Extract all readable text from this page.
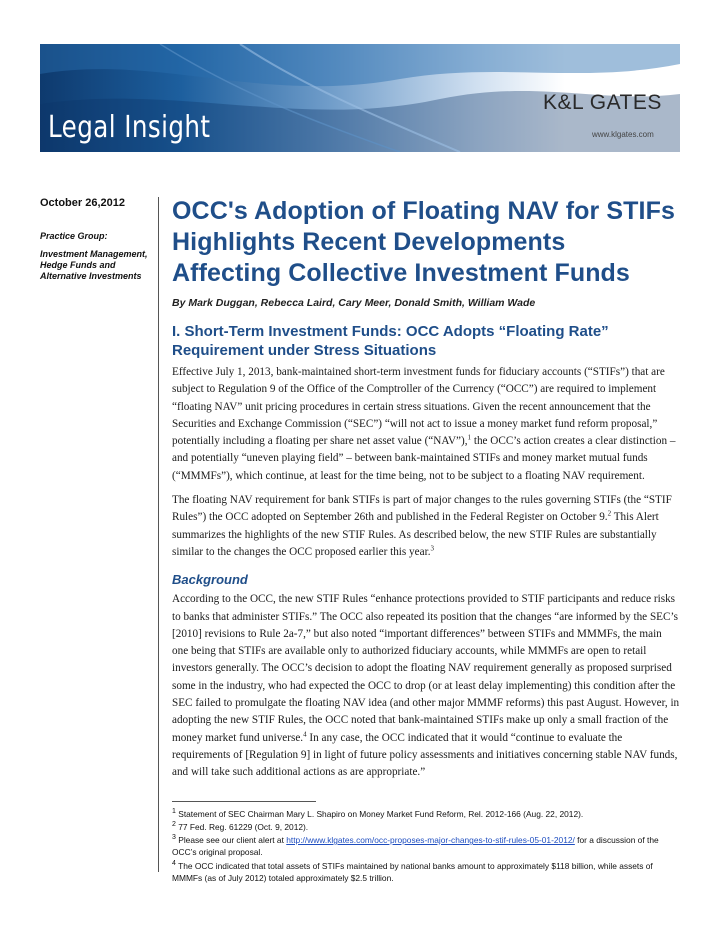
Legal Insight
K&L GATES
www.klgates.com
October 26,2012
Practice Group:
Investment Management, Hedge Funds and Alternative Investments
OCC's Adoption of Floating NAV for STIFs Highlights Recent Developments Affecting Collective Investment Funds
By Mark Duggan, Rebecca Laird, Cary Meer, Donald Smith, William Wade
I. Short-Term Investment Funds: OCC Adopts “Floating Rate” Requirement under Stress Situations

Effective July 1, 2013, bank-maintained short-term investment funds for fiduciary accounts (“STIFs”) that are subject to Regulation 9 of the Office of the Comptroller of the Currency (“OCC”) are required to implement “floating NAV” unit pricing procedures in certain stress situations. Given the recent announcement that the Securities and Exchange Commission (“SEC”) “will not act to issue a money market fund reform proposal,” potentially including a floating per share net asset value (“NAV”),$^1$ the OCC’s action creates a clear distinction – and potentially “uneven playing field” – between bank-maintained STIFs and money market mutual funds (“MMMFs”), which continue, at least for the time being, not to be subject to a floating NAV requirement.

The floating NAV requirement for bank STIFs is part of major changes to the rules governing STIFs (the “STIF Rules”) the OCC adopted on September 26th and published in the Federal Register on October 9.$^2$ This Alert summarizes the highlights of the new STIF Rules. As described below, the new STIF Rules are substantially similar to the changes the OCC proposed earlier this year.$^3$

Background

According to the OCC, the new STIF Rules “enhance protections provided to STIF participants and reduce risks to banks that administer STIFs.” The OCC also repeated its position that the changes “are informed by the SEC’s [2010] revisions to Rule 2a-7,” but also noted “important differences” between STIFs and MMMFs, the main one being that STIFs are available only to authorized fiduciary accounts, while MMMFs are open to retail investors generally. The OCC’s decision to adopt the floating NAV requirement generally as proposed surprised some in the industry, who had expected the OCC to drop (or at least delay implementing) this condition after the SEC failed to promulgate the floating NAV idea (and other major MMMF reforms) this past August. However, in adopting the new STIF Rules, the OCC noted that bank-maintained STIFs make up only a small fraction of the money market fund universe.$^4$ In any case, the OCC indicated that it would “continue to evaluate the requirements of [Regulation 9] in light of future policy assessments and initiatives concerning stable NAV funds, and will take such additional actions as are appropriate.”

$^1$ Statement of SEC Chairman Mary L. Shapiro on Money Market Fund Reform, Rel. 2012-166 (Aug. 22, 2012).
$^2$ 77 Fed. Reg. 61229 (Oct. 9, 2012).
$^3$ Please see our client alert at http://www.klgates.com/occ-proposes-major-changes-to-stif-rules-05-01-2012/ for a discussion of the OCC’s original proposal.
$^4$ The OCC indicated that total assets of STIFs maintained by national banks amount to approximately $118 billion, while assets of MMMFs (as of July 2012) totaled approximately $2.5 trillion.
